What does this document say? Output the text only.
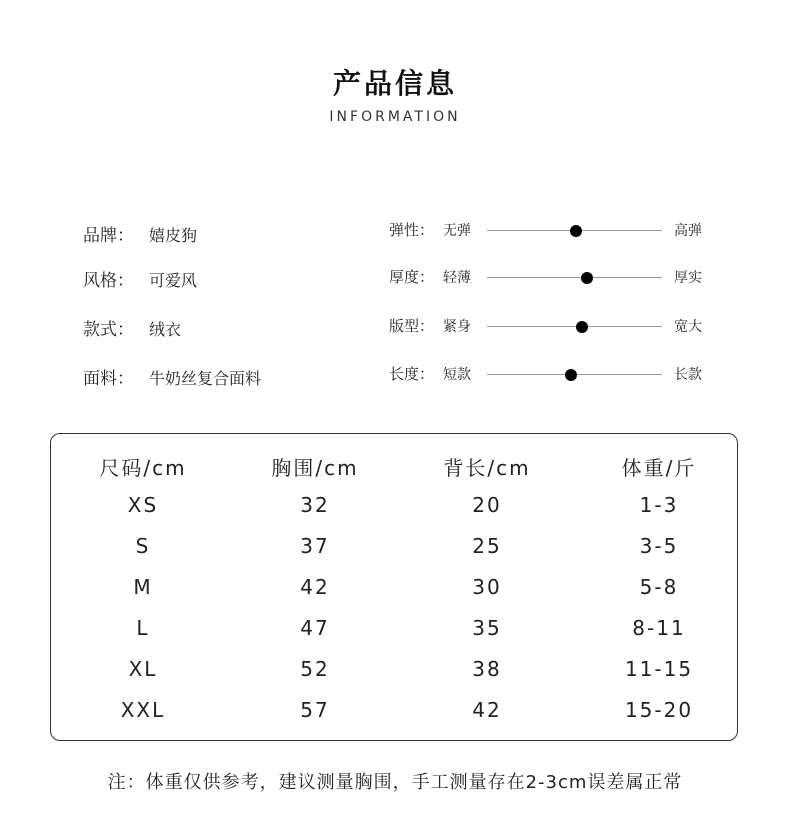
产品信息
INFORMATION
品牌： 嬉皮狗
风格： 可爱风
款式： 绒衣
面料： 牛奶丝复合面料
弹性： 无弹	高弹
厚度： 轻薄	厚实
版型： 紧身	宽大
长度： 短款	长款
尺码/cm	胸围/cm	背长/cm	体重/斤
XS	32	20	1-3
S	37	25	3-5
M	42	30	5-8
L	47	35	8-11
XL	52	38	11-15
XXL	57	42	15-20
注：体重仅供参考，建议测量胸围，手工测量存在2-3cm误差属正常
